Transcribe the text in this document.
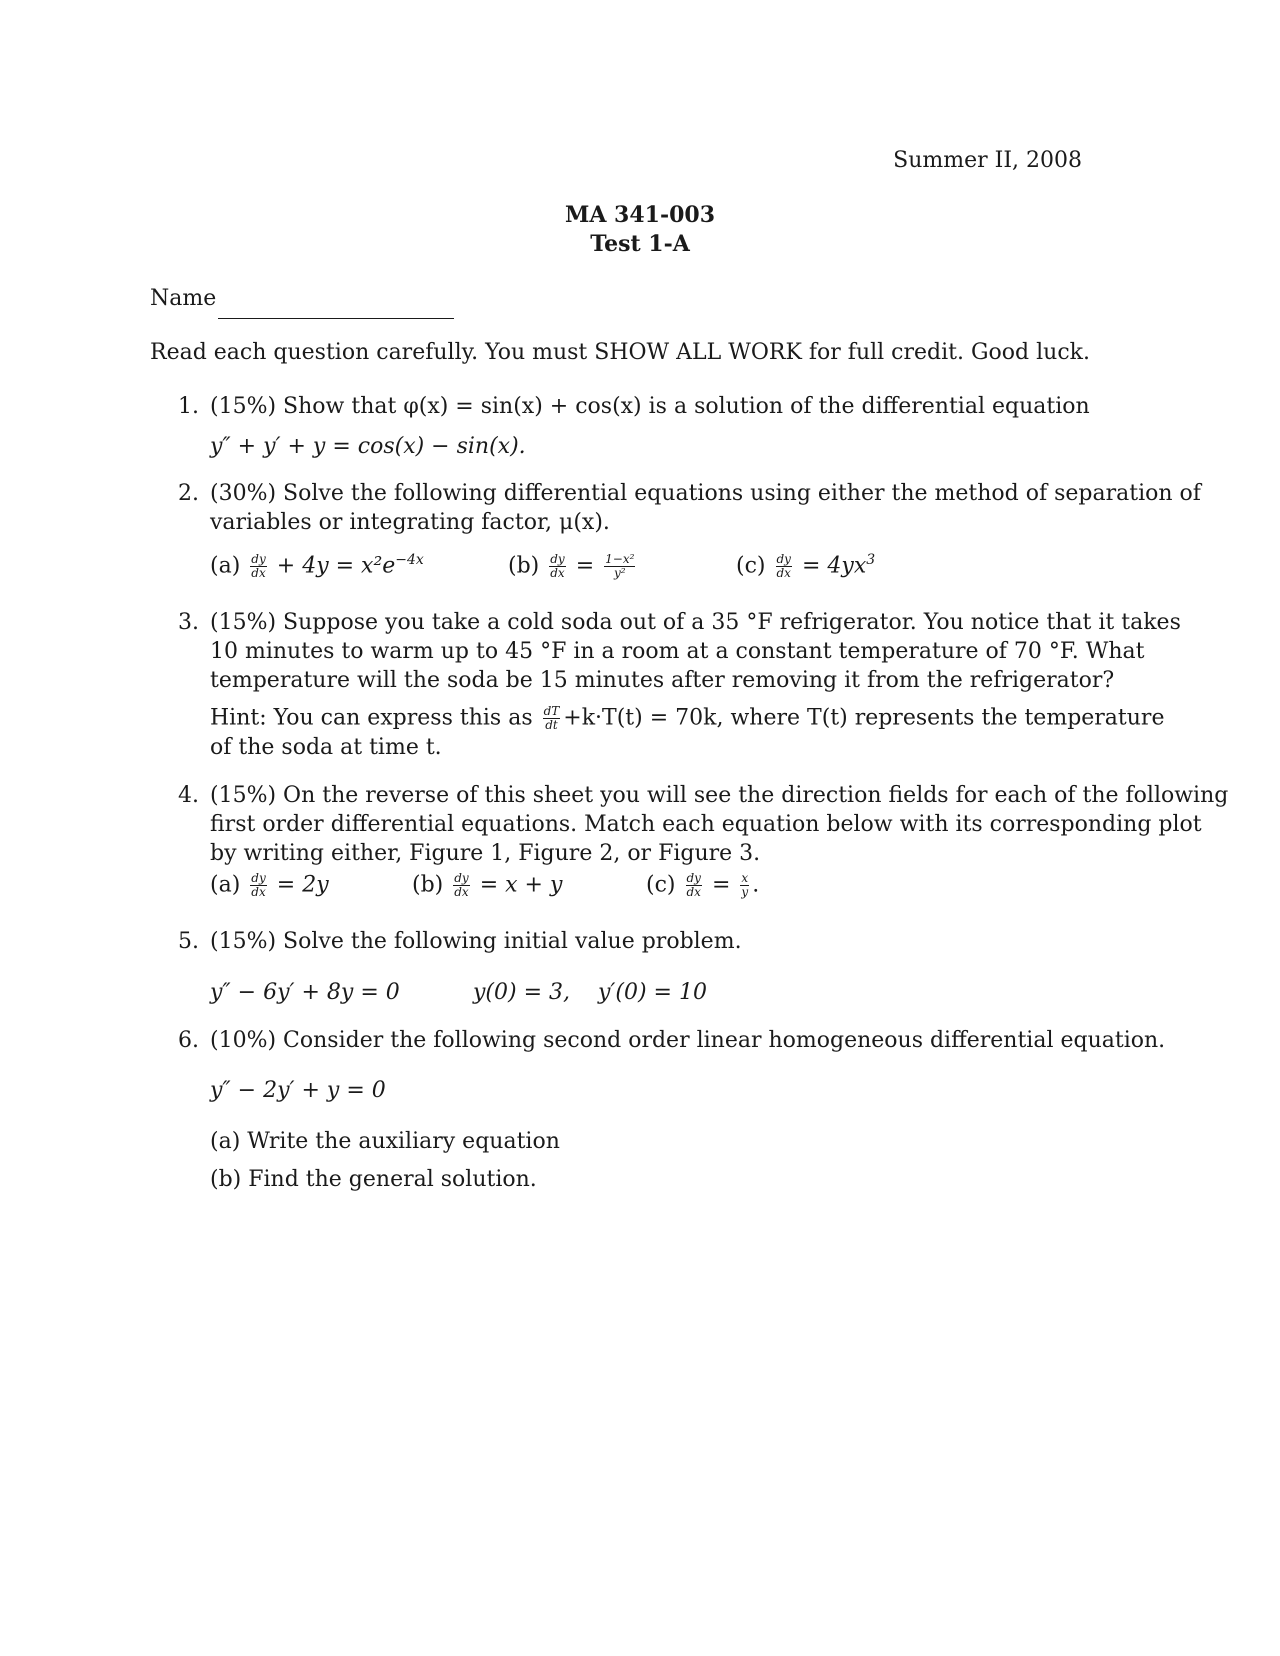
Summer II, 2008
MA 341-003
Test 1-A
Name
Read each question carefully. You must SHOW ALL WORK for full credit. Good luck.
1. (15%) Show that φ(x) = sin(x) + cos(x) is a solution of the differential equation
y″ + y′ + y = cos(x) − sin(x).
2. (30%) Solve the following differential equations using either the method of separation of
variables or integrating factor, μ(x).
$(a) \frac{dy}{dx} + 4y = x^2e^{-4x}$	$(b) \frac{dy}{dx} = \frac{\text{1−x²}}{\text{y²}}$	$(c) \frac{dy}{dx} = 4yx^3$
3. (15%) Suppose you take a cold soda out of a 35 °F refrigerator. You notice that it takes
10 minutes to warm up to 45 °F in a room at a constant temperature of 70 °F. What
temperature will the soda be 15 minutes after removing it from the refrigerator?
Hint: You can express this as $\frac{dT}{dt} +k\cdot T(t) = 70k$, where T(t) represents the temperature
of the soda at time t.
4. (15%) On the reverse of this sheet you will see the direction fields for each of the following
first order differential equations. Match each equation below with its corresponding plot
by writing either, Figure 1, Figure 2, or Figure 3.
$(a) \frac{dy}{dx} = 2y$	$(b) \frac{dy}{dx} = x + y$	$(c) \frac{dy}{dx} = \frac{x}{y}$ .
5. (15%) Solve the following initial value problem.
y″ − 6y′ + 8y = 0	y(0) = 3,    y′(0) = 10
6. (10%) Consider the following second order linear homogeneous differential equation.
y″ − 2y′ + y = 0
(a) Write the auxiliary equation
(b) Find the general solution.
